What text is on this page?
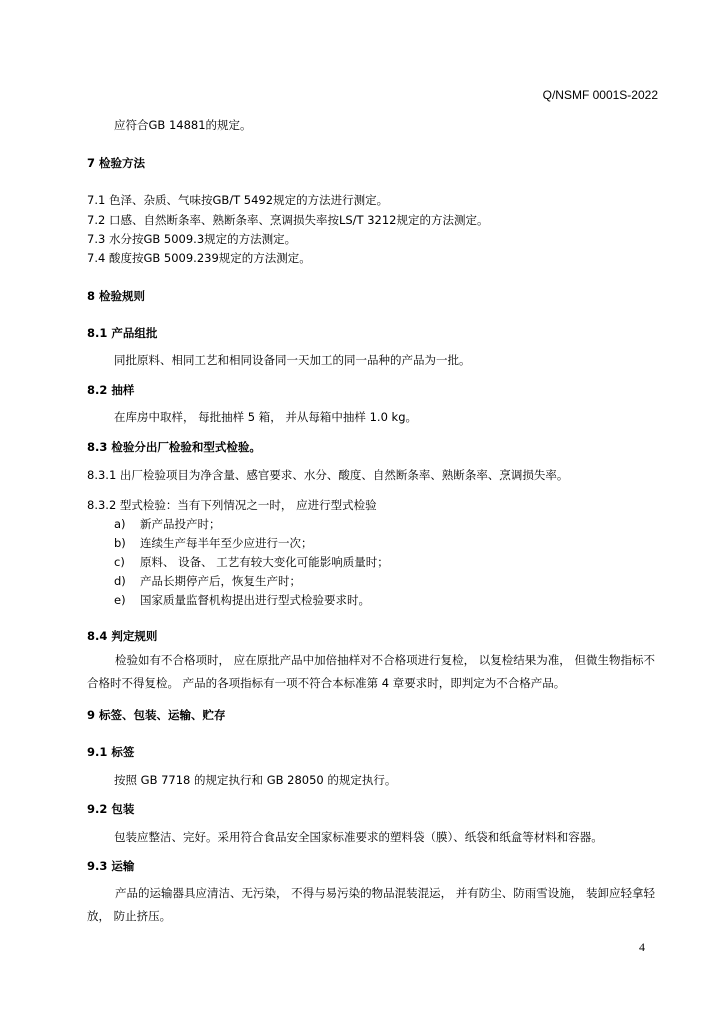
Q/NSMF 0001S-2022
应符合GB 14881的规定。
7 检验方法
7.1 色泽、杂质、气味按GB/T 5492规定的方法进行测定。
7.2 口感、自然断条率、熟断条率、烹调损失率按LS/T 3212规定的方法测定。
7.3 水分按GB 5009.3规定的方法测定。
7.4 酸度按GB 5009.239规定的方法测定。
8 检验规则
8.1 产品组批
同批原料、相同工艺和相同设备同一天加工的同一品种的产品为一批。
8.2 抽样
在库房中取样， 每批抽样 5 箱， 并从每箱中抽样 1.0 kg。
8.3 检验分出厂检验和型式检验。
8.3.1 出厂检验项目为净含量、感官要求、水分、酸度、自然断条率、熟断条率、烹调损失率。
8.3.2 型式检验：当有下列情况之一时， 应进行型式检验
a) 新产品投产时；
b) 连续生产每半年至少应进行一次；
c) 原料、 设备、 工艺有较大变化可能影响质量时；
d) 产品长期停产后，恢复生产时；
e) 国家质量监督机构提出进行型式检验要求时。
8.4 判定规则
检验如有不合格项时， 应在原批产品中加倍抽样对不合格项进行复检， 以复检结果为准， 但微生物指标不合格时不得复检。 产品的各项指标有一项不符合本标准第 4 章要求时，即判定为不合格产品。
9 标签、包装、运输、贮存
9.1 标签
按照 GB 7718 的规定执行和 GB 28050 的规定执行。
9.2 包装
包装应整洁、完好。采用符合食品安全国家标准要求的塑料袋（膜）、纸袋和纸盒等材料和容器。
9.3 运输
产品的运输器具应清洁、无污染， 不得与易污染的物品混装混运， 并有防尘、防雨雪设施， 装卸应轻拿轻放， 防止挤压。
4
